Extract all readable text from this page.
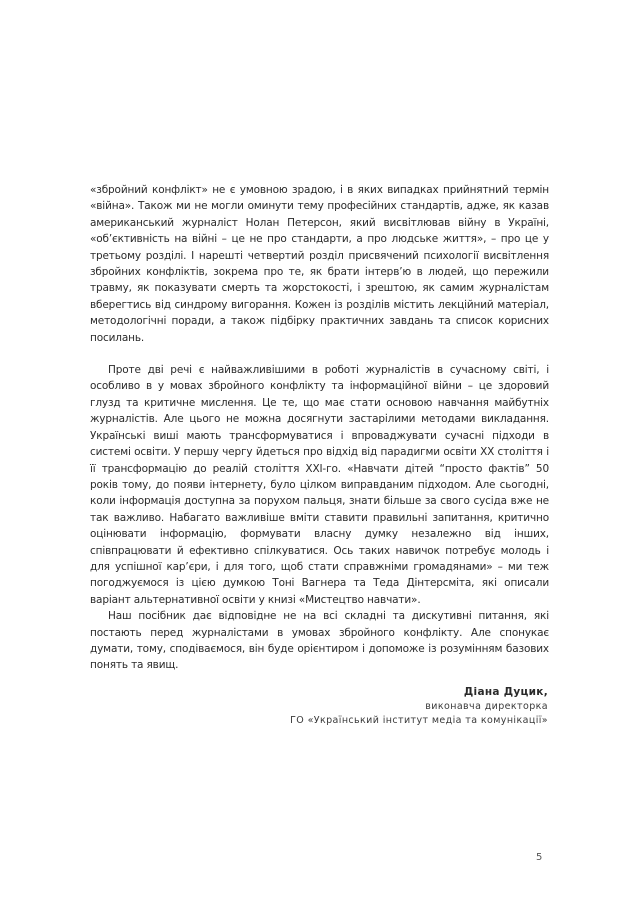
«збройний конфлікт» не є умовною зрадою, і в яких випадках прийнятний термін «війна». Також ми не могли оминути тему професійних стандартів, адже, як казав американський журналіст Нолан Петерсон, який висвітлював війну в Україні, «об’єктивність на війні – це не про стандарти, а про людське життя», – про це у третьому розділі. І нарешті четвертий розділ присвячений психології висвітлення збройних конфліктів, зокрема про те, як брати інтерв’ю в людей, що пережили травму, як показувати смерть та жорстокості, і зрештою, як самим журналістам вберегтись від синдрому вигорання. Кожен із розділів містить лекційний матеріал, методологічні поради, а також підбірку практичних завдань та список корисних посилань.

Проте дві речі є найважливішими в роботі журналістів в сучасному світі, і особливо в у мовах збройного конфлікту та інформаційної війни – це здоровий глузд та критичне мислення. Це те, що має стати основою навчання майбутніх журналістів. Але цього не можна досягнути застарілими методами викладання. Українські виші мають трансформуватися і впроваджувати сучасні підходи в системі освіти. У першу чергу йдеться про відхід від парадигми освіти XX століття і її трансформацію до реалій століття XXI-го. «Навчати дітей “просто фактів” 50 років тому, до появи інтернету, було цілком виправданим підходом. Але сьогодні, коли інформація доступна за порухом пальця, знати більше за свого сусіда вже не так важливо. Набагато важливіше вміти ставити правильні запитання, критично оцінювати інформацію, формувати власну думку незалежно від інших, співпрацювати й ефективно спілкуватися. Ось таких навичок потребує молодь і для успішної кар’єри, і для того, щоб стати справжніми громадянами» – ми теж погоджуємося із цією думкою Тоні Вагнера та Теда Дінтерсміта, які описали варіант альтернативної освіти у книзі «Мистецтво навчати».

Наш посібник дає відповідне не на всі складні та дискутивні питання, які постають перед журналістами в умовах збройного конфлікту. Але спонукає думати, тому, сподіваємося, він буде орієнтиром і допоможе із розумінням базових понять та явищ.

Діана Дуцик,
виконавча директорка
ГО «Український інститут медіа та комунікації»
5
